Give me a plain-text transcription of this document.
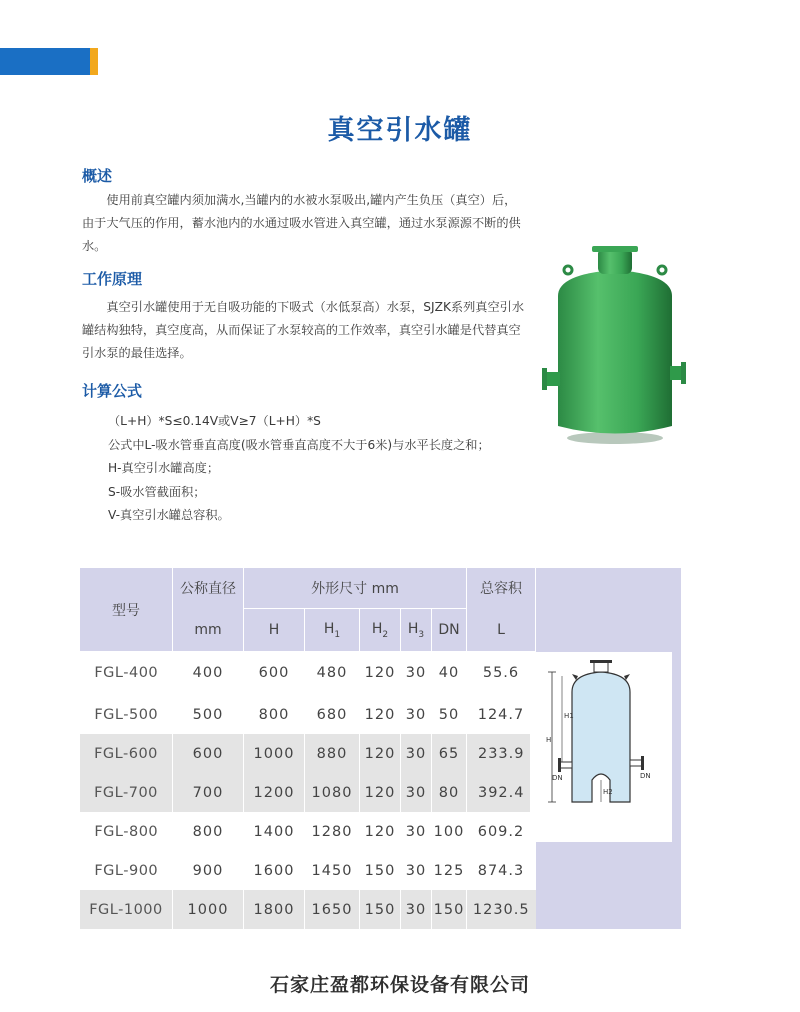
真空引水罐
概述
使用前真空罐内须加满水,当罐内的水被水泵吸出,罐内产生负压（真空）后，由于大气压的作用，蓄水池内的水通过吸水管进入真空罐，通过水泵源源不断的供水。
工作原理
真空引水罐使用于无自吸功能的下吸式（水低泵高）水泵，SJZK系列真空引水罐结构独特，真空度高，从而保证了水泵较高的工作效率，真空引水罐是代替真空引水泵的最佳选择。
计算公式
（L+H）*S≤0.14V或V≥7（L+H）*S
公式中L-吸水管垂直高度(吸水管垂直高度不大于6米)与水平长度之和；
H-真空引水罐高度；
S-吸水管截面积；
V-真空引水罐总容积。
型号	公称直径	外形尺寸 mm					总容积	
	mm	H	$H_1$	$H_2$	$H_3$	DN	L	
FGL-400	400	600	480	120	30	40	55.6	
FGL-500	500	800	680	120	30	50	124.7	
FGL-600	600	1000	880	120	30	65	233.9	
FGL-700	700	1200	1080	120	30	80	392.4	
FGL-800	800	1400	1280	120	30	100	609.2	
FGL-900	900	1600	1450	150	30	125	874.3	
FGL-1000	1000	1800	1650	150	30	150	1230.5	
H
H1
H2
DN	DN
石家庄盈都环保设备有限公司
